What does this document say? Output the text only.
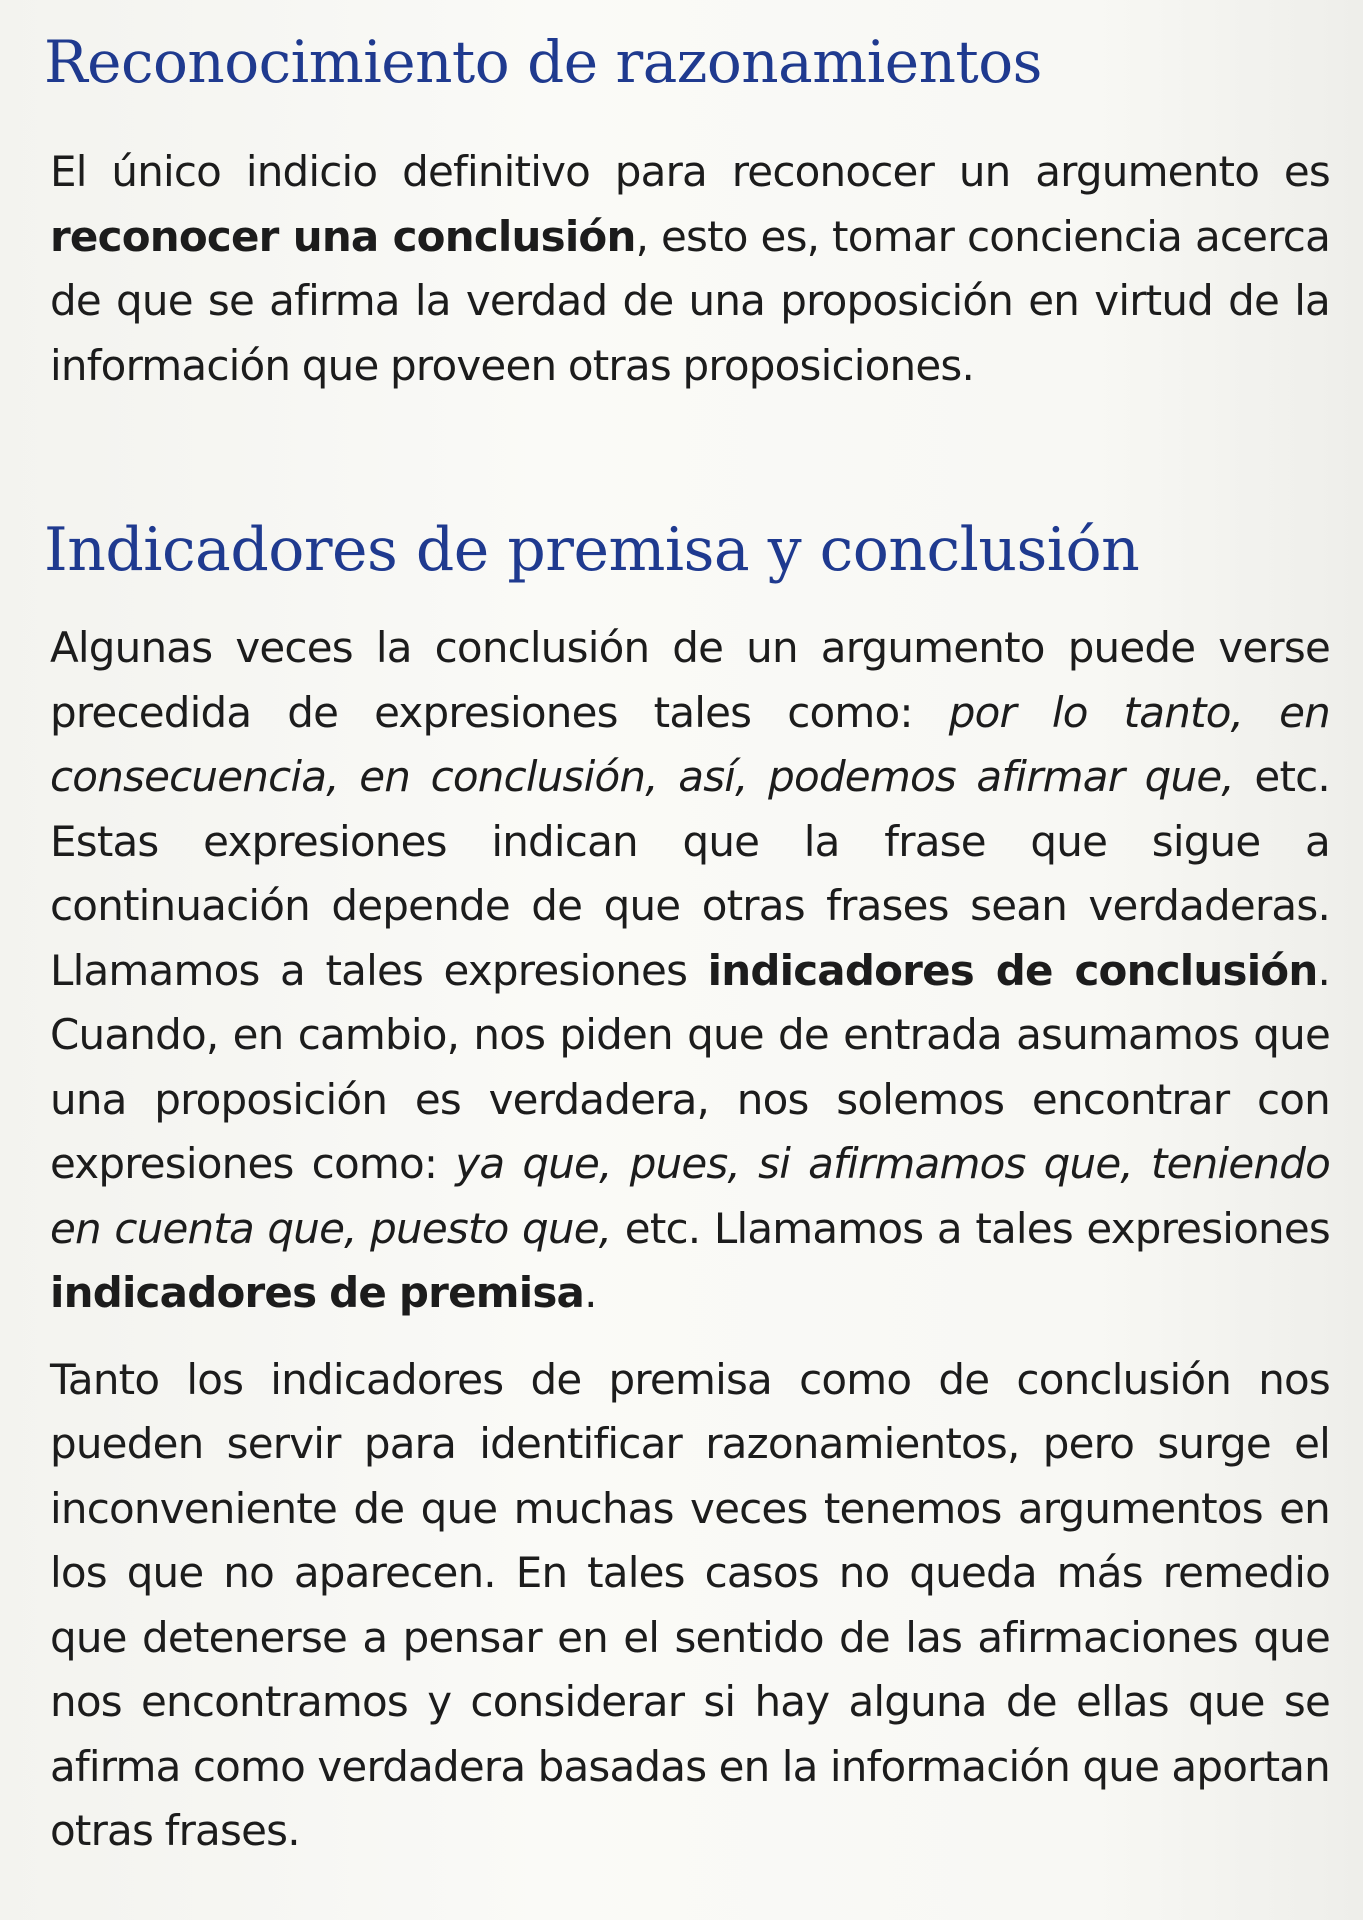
Reconocimiento de razonamientos

El único indicio definitivo para reconocer un argumento es reconocer una conclusión, esto es, tomar conciencia acerca de que se afirma la verdad de una proposición en virtud de la información que proveen otras proposiciones.

Indicadores de premisa y conclusión

Algunas veces la conclusión de un argumento puede verse precedida de expresiones tales como: por lo tanto, en consecuencia, en conclusión, así, podemos afirmar que, etc. Estas expresiones indican que la frase que sigue a continuación depende de que otras frases sean verdaderas. Llamamos a tales expresiones indicadores de conclusión. Cuando, en cambio, nos piden que de entrada asumamos que una proposición es verdadera, nos solemos encontrar con expresiones como: ya que, pues, si afirmamos que, teniendo en cuenta que, puesto que, etc. Llamamos a tales expresiones indicadores de premisa.

Tanto los indicadores de premisa como de conclusión nos pueden servir para identificar razonamientos, pero surge el inconveniente de que muchas veces tenemos argumentos en los que no aparecen. En tales casos no queda más remedio que detenerse a pensar en el sentido de las afirmaciones que nos encontramos y considerar si hay alguna de ellas que se afirma como verdadera basadas en la información que aportan otras frases.
